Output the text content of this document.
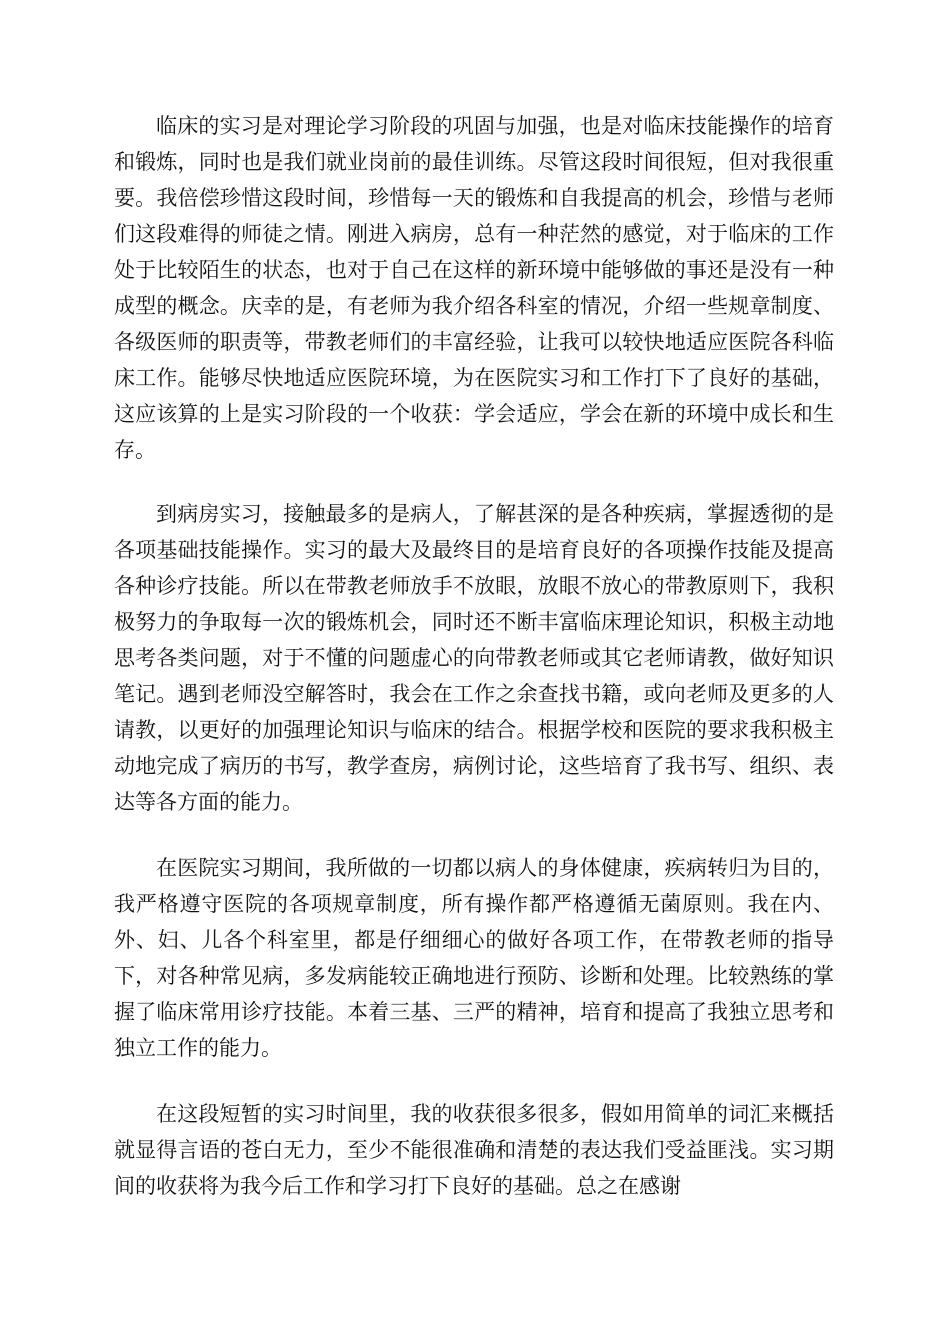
临床的实习是对理论学习阶段的巩固与加强，也是对临床技能操作的培育和锻炼，同时也是我们就业岗前的最佳训练。尽管这段时间很短，但对我很重要。我倍偿珍惜这段时间，珍惜每一天的锻炼和自我提高的机会，珍惜与老师们这段难得的师徒之情。刚进入病房，总有一种茫然的感觉，对于临床的工作处于比较陌生的状态，也对于自己在这样的新环境中能够做的事还是没有一种成型的概念。庆幸的是，有老师为我介绍各科室的情况，介绍一些规章制度、各级医师的职责等，带教老师们的丰富经验，让我可以较快地适应医院各科临床工作。能够尽快地适应医院环境，为在医院实习和工作打下了良好的基础，这应该算的上是实习阶段的一个收获：学会适应，学会在新的环境中成长和生存。

到病房实习，接触最多的是病人，了解甚深的是各种疾病，掌握透彻的是各项基础技能操作。实习的最大及最终目的是培育良好的各项操作技能及提高各种诊疗技能。所以在带教老师放手不放眼，放眼不放心的带教原则下，我积极努力的争取每一次的锻炼机会，同时还不断丰富临床理论知识，积极主动地思考各类问题，对于不懂的问题虚心的向带教老师或其它老师请教，做好知识笔记。遇到老师没空解答时，我会在工作之余查找书籍，或向老师及更多的人请教，以更好的加强理论知识与临床的结合。根据学校和医院的要求我积极主动地完成了病历的书写，教学查房，病例讨论，这些培育了我书写、组织、表达等各方面的能力。

在医院实习期间，我所做的一切都以病人的身体健康，疾病转归为目的，我严格遵守医院的各项规章制度，所有操作都严格遵循无菌原则。我在内、外、妇、儿各个科室里，都是仔细细心的做好各项工作，在带教老师的指导下，对各种常见病，多发病能较正确地进行预防、诊断和处理。比较熟练的掌握了临床常用诊疗技能。本着三基、三严的精神，培育和提高了我独立思考和独立工作的能力。

在这段短暂的实习时间里，我的收获很多很多，假如用简单的词汇来概括就显得言语的苍白无力，至少不能很准确和清楚的表达我们受益匪浅。实习期间的收获将为我今后工作和学习打下良好的基础。总之在感谢
